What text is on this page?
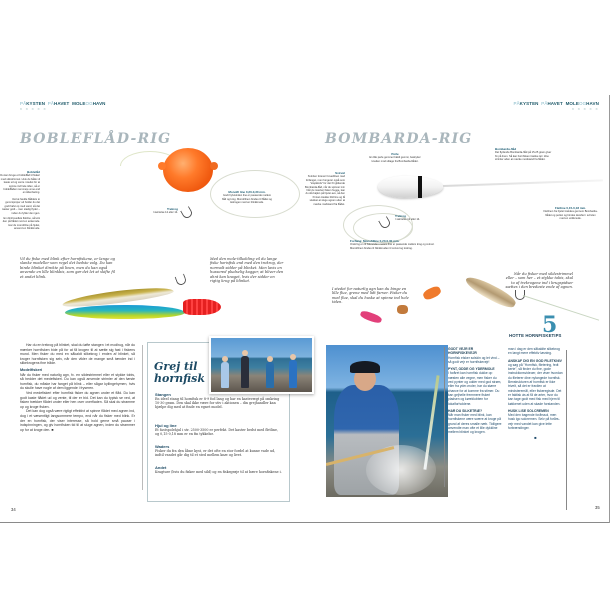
PÅKYSTEN PÅHAVET MOLEOGHAVN
≈ ≈ ≈ ≈ ≈
BOBLEFLÅD-RIG
Boblefåd
Du kan bruge et bobleflåd til fiskeri med stikstrimmel. Hvis du både vil kaste ud og vente i stedet for at spinne ind hele tiden, så er bobleflåden nemmere at se end en åbenbaring.
Ved at hælde flåddets to gummiproper ud holder du det godt halvt op med vand, så det kaster godt – men stadig flyder –inden du fylder den igen.
En dimhovedløs fiskline, så lønt den på flådet mod en ankenode. Har du monofiline på hjulet, anvend en blinkknude.
Monofil line 0,20-0,30 mm.
Godt hylvisinden line er passende mellem flåd og krog. Monofilinen bindes til flådet og tiekrogen med en blinkknude.
Trekrog
I størrelse 12 eller 14.
Vil du fiske med blink efter hornfiskene, er lange og slanke modeller som regel det bedste valg. Du kan binde blinket direkte på linen, men du kan også anvende en lille blinkbis, som gør det let at skifte fil et andet blink.
Med den mole-tilkobling vil du lange fiske horisfisk end med den trekrog, der normalt sidder på blinket. Men lavis en hussered pludselig kagger, at bliver den ahnt kan knaget, hvis der sidder en rigtig krog på blinket.

Har du en trekrog på blinket, skal du løfte stangen i et modhug, når du mærker hornfisken bide på for at få krogen til at sætte sig fast i fiskens mund. Men fisker du med en såkaldt silkekrog i enden af blinket, så kroger hornfisken sig selv, når den vikler de mange små tænder ind i silkekrogens fine tråde.

Modelfiskeri

Når du fisker med naturlig agn, fx. en sildestrimmel eller et stykke tobis, så hedder det medefiskeri. Du kan også anvende strimler af den første hornfisk, du måske har fanget på blink – eller sågar kyllingehymen, hvis du skulle have nogle af dem liggende i fryseren.

Ved medefiskeri efter hornfisk fisker du agnen under et flåd. Du kan godt kaste flådet ud og vente, til der er bid. Det kan du typisk se ved, at fisken trækker flådet under eller hen over overfladen. Så skal du stramme op og kroge fisken.

Det kan dog også være rigtigt effektivt at spinne flådet med agnen ind, dog i et væsentligt langsommere tempo, end når du fisker med blink. Er der en hornfisk, der viser interesse, så hold gerne små pauser i indspinningen, og giv hornfisken tid til at sluge agnen, inden du strammer op for at kroge den. ■

Grej til
hornfisk
Stangen
En ideel stang til hornfisk er 8-9 fod lang og har en kastevægt på omkring 10-30 gram. Den skal ikke være for stiv i aktionen – din grejhandler kan hjælpe dig med at finde en egnet model.
Hjul og line
Et fastspolehjul i str. 2500-3500 er perfekt. Det kaster bedst med fletline, og 0,15-0,18 mm er en fin tykkelse.
Waders
Fisker du fra den åbne kyst, er det ofte en stor fordel at kunne vade ud, indtil vandet går dig til et sted mellem knæ og livet.
Andet
Kragtuer (hvis du fisker med sild) og en fiskegrøje til at bære hornfiskene i.
34
PÅKYSTEN PÅHAVET MOLEOGHAVN
≈ ≈ ≈ ≈ ≈
BOMBARDA-RIG
Perle
En lille perle gemmer blødt gummi, beskytter knuden mod slitage fra Bombarda-flådet.
Bombarda-flåd
Det flydende Bombarda-flåd på 15-25 gram giver fin på linen. Så kan hornfisken trække let i dine strimler uden at mærke modstand fra flådet.
Svirvel
Svirvlen forener hovedlinen med forfanget, men fungerer også som "stopklods" for det frit glidende Bombarda-flåd, når du spinner ind. Når du mærker fisken hugge, kan du slå bøjlen på hjulet ave, så den frit kan trække blid line og få stukket at sluge agnen uden at mærke modstand fra flådet.
Fletline 0,15-0,18 mm.
Fletlinen fra hjulet trækkes gennem Bombarda-flådet og perlen og bindes derefter i svirvlen med en unikknude.
Trekrog
I størrelse 12 eller 14.
Forfang: Monofilline 0,20-0,30 mm.
Omkring en til halvanden meters line er passende mellem krog og svirvel. Monofilinen bindes til blinkknuden til svirvel og trekrog.
I stedet for naturlig agn kan du binge en lille flue, grene med lidt farver. Fisker du med flue, skal du huske at spinne ind hele tiden.
Når du fisker med sildestrimmel eller – som her – et stykke tobis, skal to af trekrogene ind i brugspidser sættes i den bredeste ende af agnen.
5
HOTTE HORNFISKETIPS
GODT VEJR ER HORNFISKEVEJR
Hornfisk elsker solskin og let vind – så godt vejr er hornfiskevejr!
PYNT, ODDE OG YDERMOLE
I foråret kan hornfisk dukke op næsten alle vegne, men fisker du ved pynter og odder med god strøm, eller fra yder-moler, har du større chance for at komme fra stimer. Du kan gejhelle fremmere fiskeri pladsen og køreklubben for lokalforholdene.
HAR DU SILKETRÆ?
Når man fisker med blink, kan hornfiskene være svære at kroge på grund af deres smalle næb. Tidligere anvendte man ofte et lille dykkline mellem blinket og krogen.
man i dag er den såkaldte silkekrog en langt mere effektiv løsning.
ANSKAF DIG EN GOD FILETKNIV
og søg på "Hornfisk, filetering, fedt kerte", så finder du fine, gode instruktionsvideoer, der viser hvordan du fileterer dine nyfangede hornfisk. Benstrukturen af hornfisk er ikke trivelt, så det er fravilen at mindsteremål, eller fiskeregisde. Det er faktisk ás at få de arter, hvor du kan tage godt med fisk med hjem til køkkenet uden at skade forstanden.
HUSK LISE SOLCREMEN
Med den bagende forårssol, men husk igo solcremen. Selv på forårs-vejr med vandet kan give lette forbrændinger.
■
35
